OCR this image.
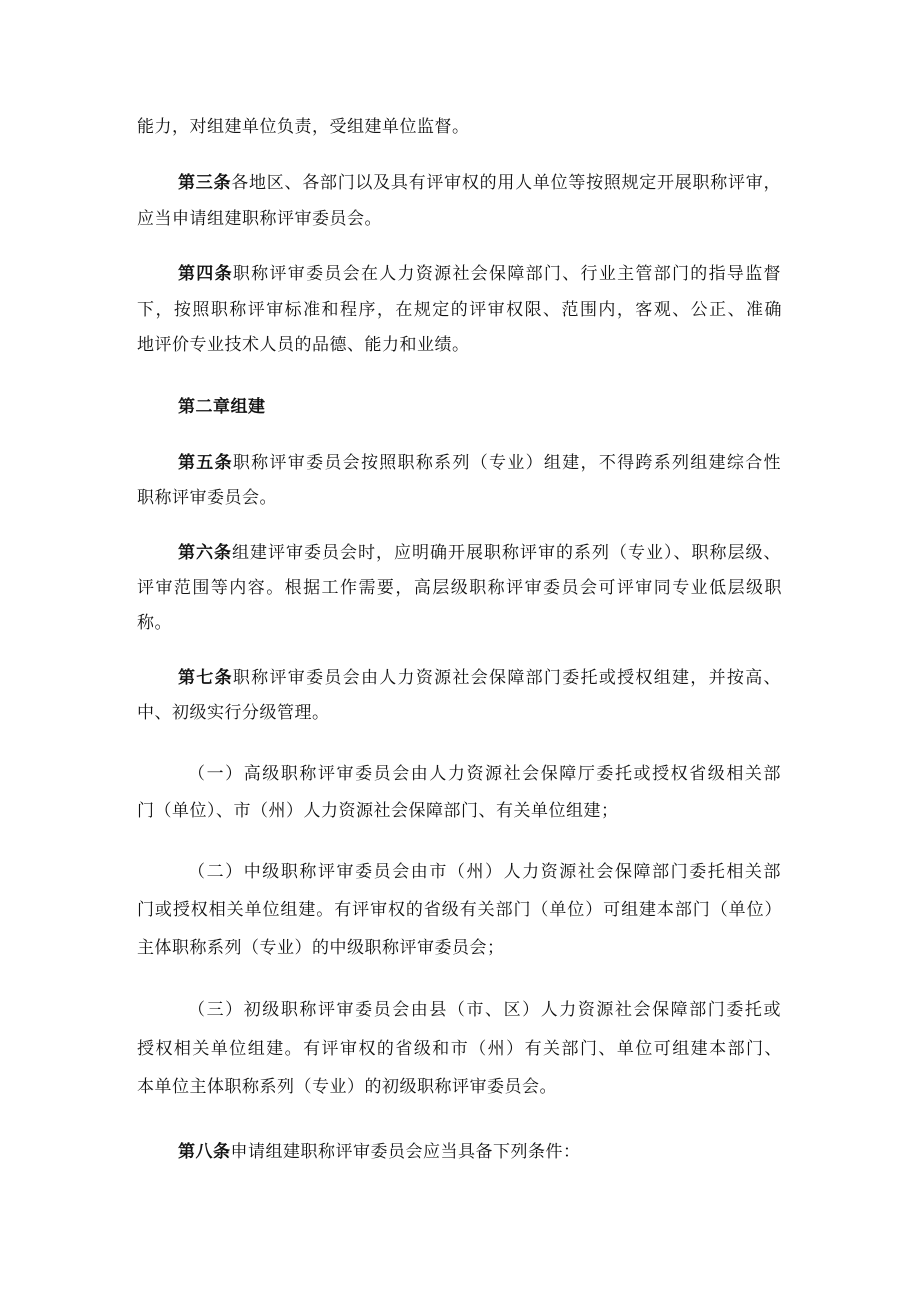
能力，对组建单位负责，受组建单位监督。
第三条各地区、各部门以及具有评审权的用人单位等按照规定开展职称评审，
应当申请组建职称评审委员会。
第四条职称评审委员会在人力资源社会保障部门、行业主管部门的指导监督
下，按照职称评审标准和程序，在规定的评审权限、范围内，客观、公正、准确
地评价专业技术人员的品德、能力和业绩。
第二章组建
第五条职称评审委员会按照职称系列（专业）组建，不得跨系列组建综合性
职称评审委员会。
第六条组建评审委员会时，应明确开展职称评审的系列（专业）、职称层级、
评审范围等内容。根据工作需要，高层级职称评审委员会可评审同专业低层级职
称。
第七条职称评审委员会由人力资源社会保障部门委托或授权组建，并按高、
中、初级实行分级管理。
（一）高级职称评审委员会由人力资源社会保障厅委托或授权省级相关部
门（单位）、市（州）人力资源社会保障部门、有关单位组建；
（二）中级职称评审委员会由市（州）人力资源社会保障部门委托相关部
门或授权相关单位组建。有评审权的省级有关部门（单位）可组建本部门（单位）
主体职称系列（专业）的中级职称评审委员会；
（三）初级职称评审委员会由县（市、区）人力资源社会保障部门委托或
授权相关单位组建。有评审权的省级和市（州）有关部门、单位可组建本部门、
本单位主体职称系列（专业）的初级职称评审委员会。
第八条申请组建职称评审委员会应当具备下列条件：
